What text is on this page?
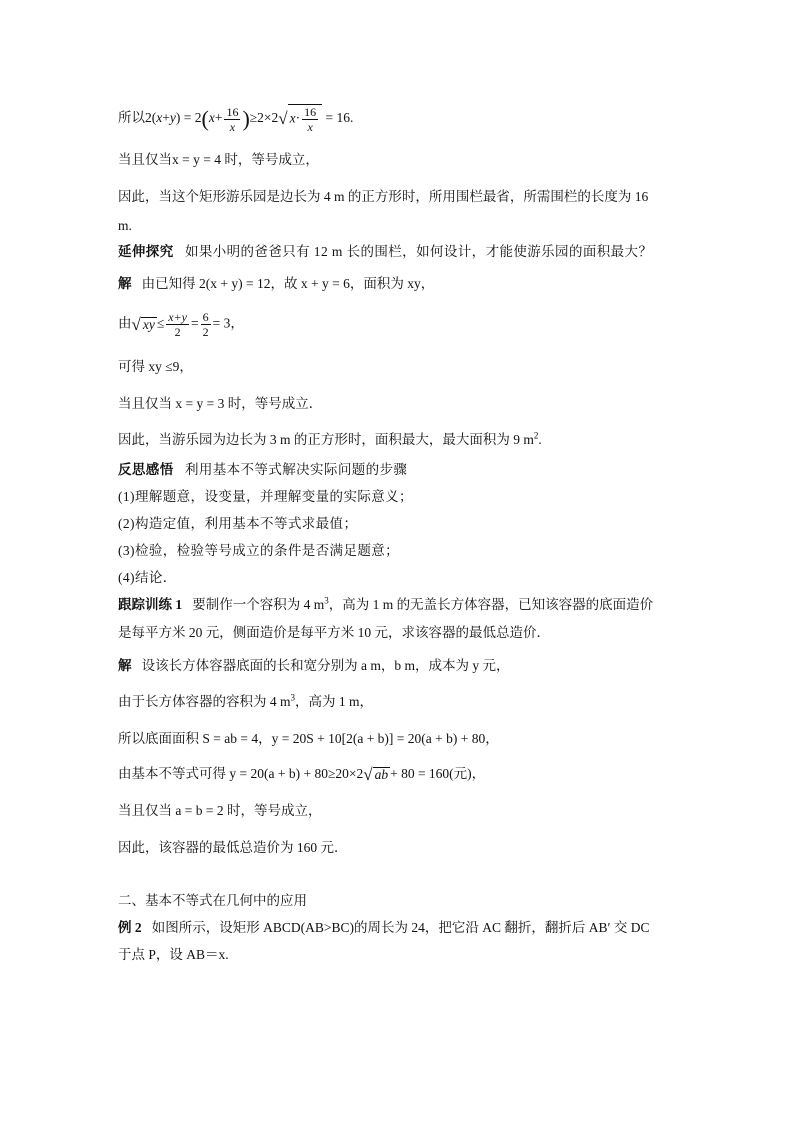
所以$2(x+y) = 2(x+ \frac{16}{x} )\ge 2\times 2√$ $x\cdot \frac{16}{x} = 16$.
当且仅当x = y = 4 时，等号成立，
因此，当这个矩形游乐园是边长为 4 m 的正方形时，所用围栏最省，所需围栏的长度为 16
m.
延伸探究 如果小明的爸爸只有 12 m 长的围栏，如何设计，才能使游乐园的面积最大？
解 由已知得 2(x + y) = 12，故 x + y = 6，面积为 xy，
由√ xy ≤ $\frac{x+y}{2} = \frac{6}{2} = 3$，
可得 xy ≤9，
当且仅当 x = y = 3 时，等号成立．
因此，当游乐园为边长为 3 m 的正方形时，面积最大，最大面积为 9 $m^2$.
反思感悟 利用基本不等式解决实际问题的步骤
(1)理解题意，设变量，并理解变量的实际意义；
(2)构造定值，利用基本不等式求最值；
(3)检验，检验等号成立的条件是否满足题意；
(4)结论．
跟踪训练 1 要制作一个容积为 4 $m^3$，高为 1 m 的无盖长方体容器，已知该容器的底面造价
是每平方米 20 元，侧面造价是每平方米 10 元，求该容器的最低总造价．
解 设该长方体容器底面的长和宽分别为 a m，b m，成本为 y 元，
由于长方体容器的容积为 4 $m^3$，高为 1 m，
所以底面面积 S = ab = 4，y = 20S + 10[2(a + b)] = 20(a + b) + 80，
由基本不等式可得 y = 20(a + b) + 80≥20×2√ ab + 80 = 160(元)，
当且仅当 a = b = 2 时，等号成立，
因此，该容器的最低总造价为 160 元．
二、基本不等式在几何中的应用
例 2 如图所示，设矩形 ABCD(AB>BC)的周长为 24，把它沿 AC 翻折，翻折后 AB′ 交 DC
于点 P，设 AB＝x.
